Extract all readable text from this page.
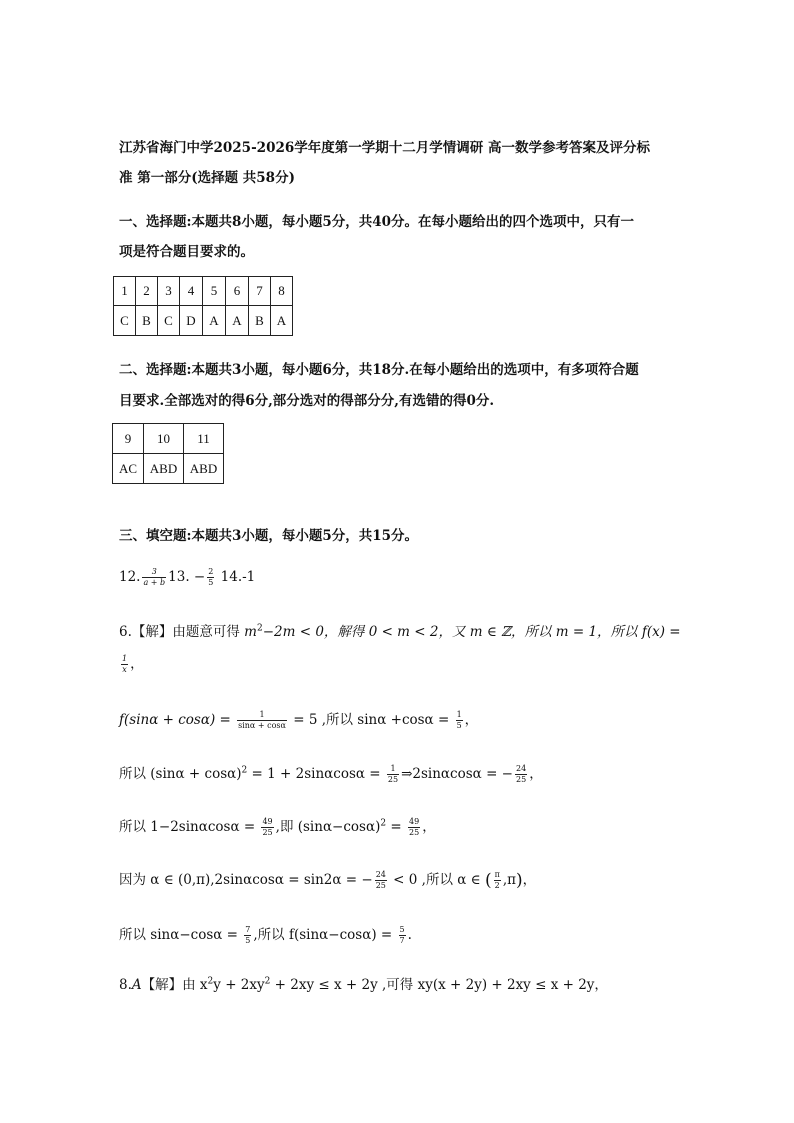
江苏省海门中学2025-2026学年度第一学期十二月学情调研 高一数学参考答案及评分标
准 第一部分(选择题 共58分)
一、选择题:本题共8小题，每小题5分，共40分。在每小题给出的四个选项中，只有一
项是符合题目要求的。
1	2	3	4	5	6	7	8
C	B	C	D	A	A	B	A
二、选择题:本题共3小题，每小题6分，共18分.在每小题给出的选项中，有多项符合题
目要求.全部选对的得6分,部分选对的得部分分,有选错的得0分.
9	10	11
AC	ABD	ABD
三、填空题:本题共3小题，每小题5分，共15分。
12. $\frac{3}{a + b} 13$. − $\frac{2}{5} 14.-1$
6.【解】由题意可得 $m^2-2m < 0$，解得 0 < m < 2，又 m ∈ ℤ，所以 m = 1，所以 f(x) =
$\frac{1}{x}$ ，
$f(\sin\alpha + \cos\alpha) = \frac{1}{\sin\alpha + \cos\alpha} = 5$ ,所以 $\sin\alpha +\cos\alpha = \frac{1}{5}$ ，
所以 $(\sin\alpha + \cos\alpha)^2 = 1 + 2\sin\alpha\cos\alpha = \frac{1}{25}$ ⇒2sinαcosα = − $\frac{24}{25}$ ，
所以 $1-2\sin\alpha\cos\alpha = \frac{49}{25}$ ,即 $(\sin\alpha-\cos\alpha)^2 = \frac{49}{25}$ ，
因为 α ∈ (0,π),2sinαcosα = sin2α = − $\frac{24}{25} < 0$ ,所以 α ∈ ( $\frac{\pi}{2} ,\pi$)，
所以 $\sin\alpha-\cos\alpha = \frac{7}{5}$ ,所以 $f(\sin\alpha-\cos\alpha) = \frac{5}{7}$ .
8.A【解】由 $x^2y + 2xy^2 + 2xy \le x + 2y$ ,可得 xy(x + 2y) + 2xy ≤ x + 2y，
